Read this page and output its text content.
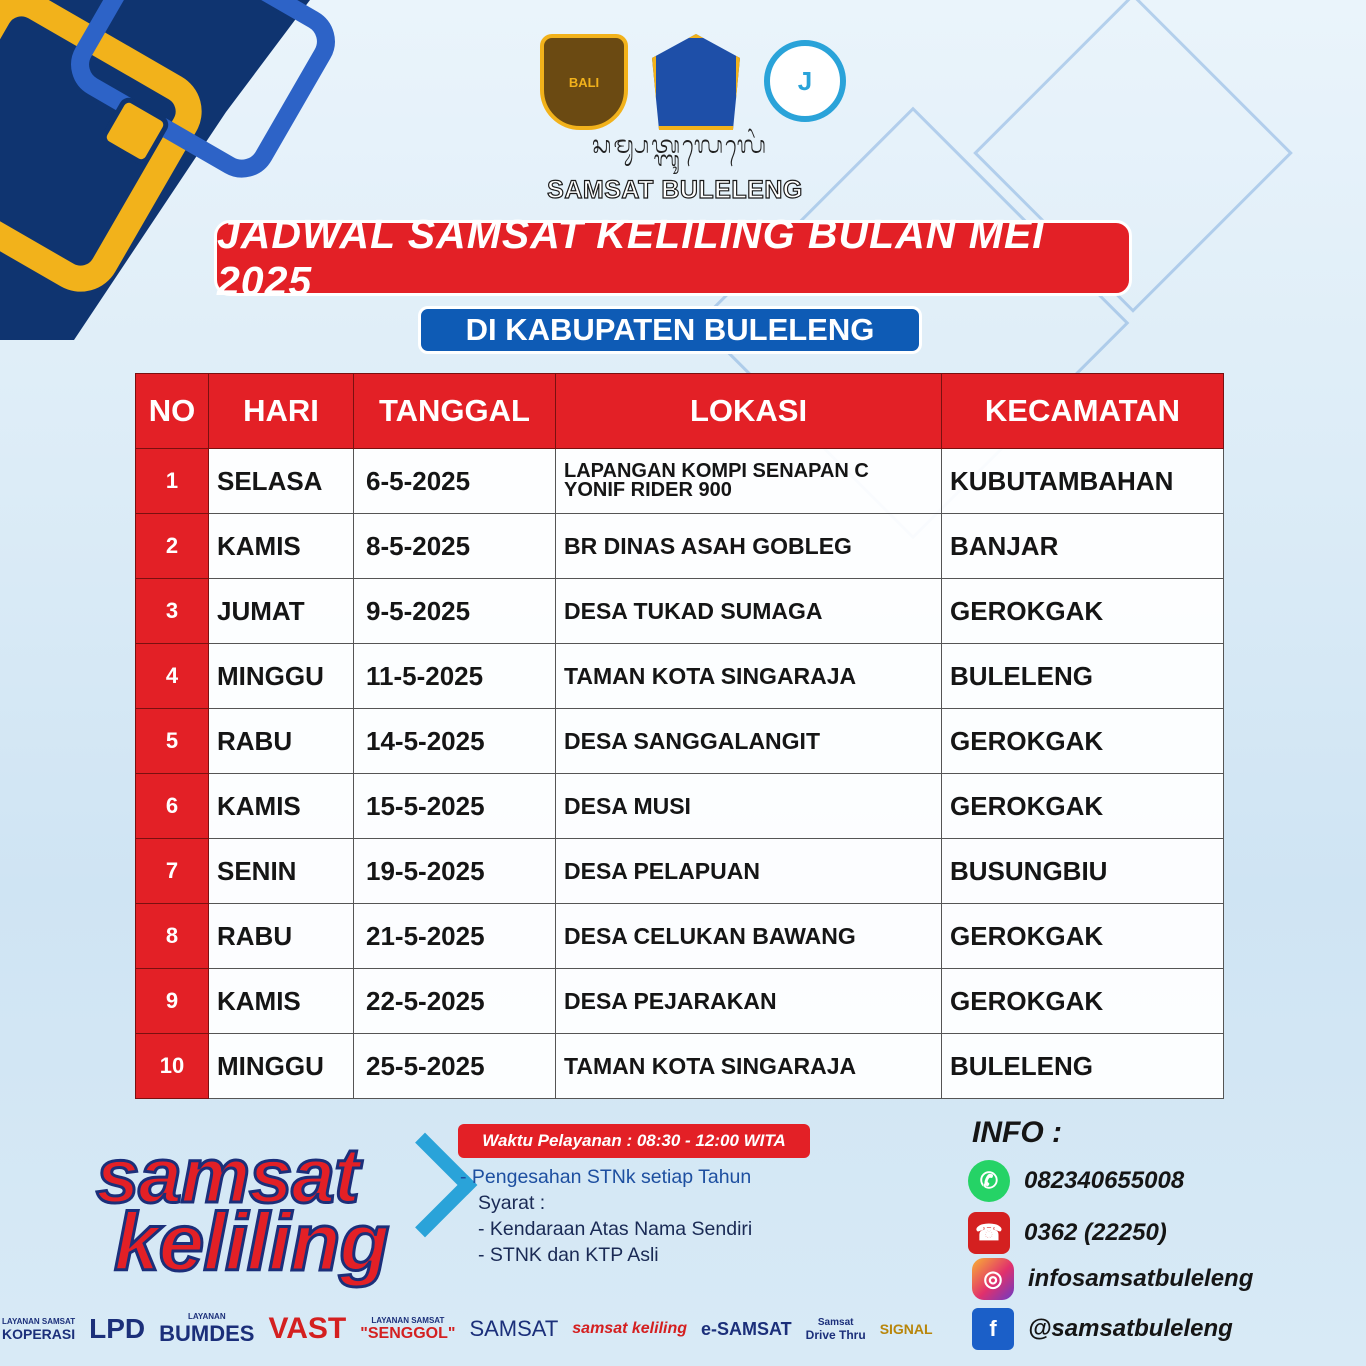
BALI	J
ᬲᬫ᭄ᬲᬢ᭄ᬩᬸᬮᬾᬮᬾᬂ
SAMSAT BULELENG
JADWAL SAMSAT KELILING BULAN MEI 2025
DI KABUPATEN BULELENG
NO	HARI	TANGGAL	LOKASI	KECAMATAN
1	SELASA	6-5-2025	LAPANGAN KOMPI SENAPAN C YONIF RIDER 900	KUBUTAMBAHAN
2	KAMIS	8-5-2025	BR DINAS ASAH GOBLEG	BANJAR
3	JUMAT	9-5-2025	DESA TUKAD SUMAGA	GEROKGAK
4	MINGGU	11-5-2025	TAMAN KOTA SINGARAJA	BULELENG
5	RABU	14-5-2025	DESA SANGGALANGIT	GEROKGAK
6	KAMIS	15-5-2025	DESA MUSI	GEROKGAK
7	SENIN	19-5-2025	DESA PELAPUAN	BUSUNGBIU
8	RABU	21-5-2025	DESA CELUKAN BAWANG	GEROKGAK
9	KAMIS	22-5-2025	DESA PEJARAKAN	GEROKGAK
10	MINGGU	25-5-2025	TAMAN KOTA SINGARAJA	BULELENG
samsat
keliling
Waktu Pelayanan : 08:30 - 12:00 WITA
- Pengesahan STNk setiap Tahun
Syarat :
- Kendaraan Atas Nama Sendiri
- STNK dan KTP Asli
INFO :
✆	082340655008
☎ 0362 (22250)
◎	infosamsatbuleleng
f	@samsatbuleleng
LAYANAN SAMSAT
KOPERASI LPD	LAYANAN
BUMDES VAST	LAYANAN SAMSAT
"SENGGOL" SAMSAT samsat keliling e-SAMSAT	Samsat
Drive Thru SIGNAL
